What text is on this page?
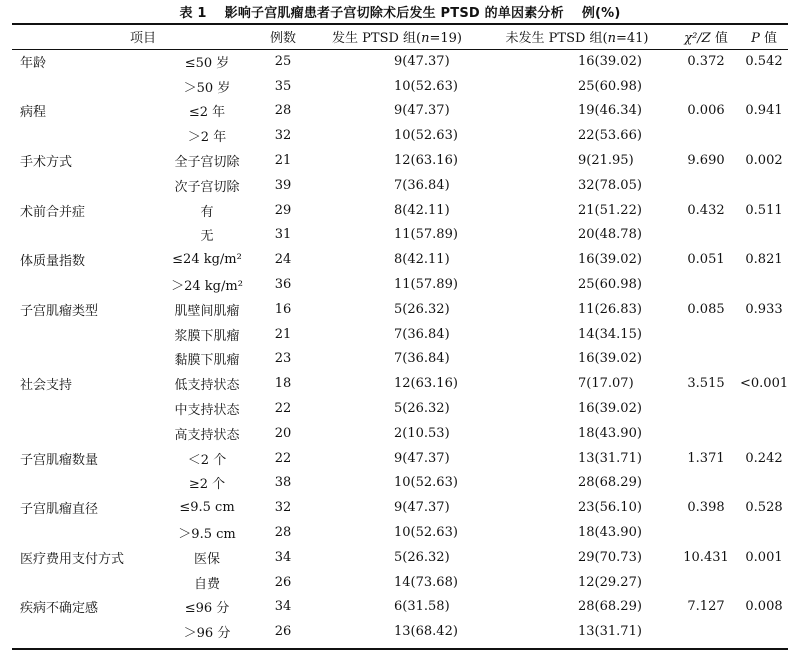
表 1 影响子宫肌瘤患者子宫切除术后发生 PTSD 的单因素分析 例(%)
项目		例数	发生 PTSD 组(n=19)	未发生 PTSD 组(n=41)	χ²/Z 值	P 值
年龄	≤50 岁	25	9(47.37)	16(39.02)	0.372	0.542
	＞50 岁	35	10(52.63)	25(60.98)		
病程	≤2 年	28	9(47.37)	19(46.34)	0.006	0.941
	＞2 年	32	10(52.63)	22(53.66)		
手术方式	全子宫切除	21	12(63.16)	9(21.95)	9.690	0.002
	次子宫切除	39	7(36.84)	32(78.05)		
术前合并症	有	29	8(42.11)	21(51.22)	0.432	0.511
	无	31	11(57.89)	20(48.78)		
体质量指数	≤24 kg/m²	24	8(42.11)	16(39.02)	0.051	0.821
	＞24 kg/m²	36	11(57.89)	25(60.98)		
子宫肌瘤类型	肌壁间肌瘤	16	5(26.32)	11(26.83)	0.085	0.933
	浆膜下肌瘤	21	7(36.84)	14(34.15)		
	黏膜下肌瘤	23	7(36.84)	16(39.02)		
社会支持	低支持状态	18	12(63.16)	7(17.07)	3.515	<0.001
	中支持状态	22	5(26.32)	16(39.02)		
	高支持状态	20	2(10.53)	18(43.90)		
子宫肌瘤数量	＜2 个	22	9(47.37)	13(31.71)	1.371	0.242
	≥2 个	38	10(52.63)	28(68.29)		
子宫肌瘤直径	≤9.5 cm	32	9(47.37)	23(56.10)	0.398	0.528
	＞9.5 cm	28	10(52.63)	18(43.90)		
医疗费用支付方式	医保	34	5(26.32)	29(70.73)	10.431	0.001
	自费	26	14(73.68)	12(29.27)		
疾病不确定感	≤96 分	34	6(31.58)	28(68.29)	7.127	0.008
	＞96 分	26	13(68.42)	13(31.71)		
